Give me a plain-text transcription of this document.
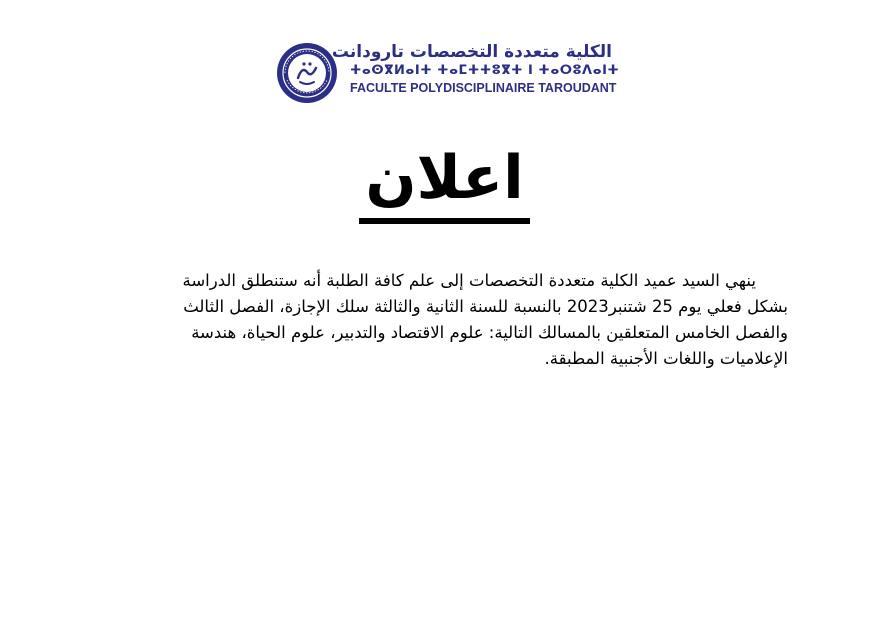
الكلية متعددة التخصصات تارودانت
ⵜⴰⵙⴳⵍⴰⵏⵜ ⵜⴰⵎⵜⵜⵓⴳⵜ ⵏ ⵜⴰⵔⵓⴷⴰⵏⵜ
FACULTE POLYDISCIPLINAIRE TAROUDANT
اعلان
ينهي السيد عميد الكلية متعددة التخصصات إلى علم كافة الطلبة أنه ستنطلق الدراسة
بشكل فعلي يوم 25 شتنبر2023 بالنسبة للسنة الثانية والثالثة سلك الإجازة، الفصل الثالث
والفصل الخامس المتعلقين بالمسالك التالية: علوم الاقتصاد والتدبير، علوم الحياة، هندسة
الإعلاميات واللغات الأجنبية المطبقة.
